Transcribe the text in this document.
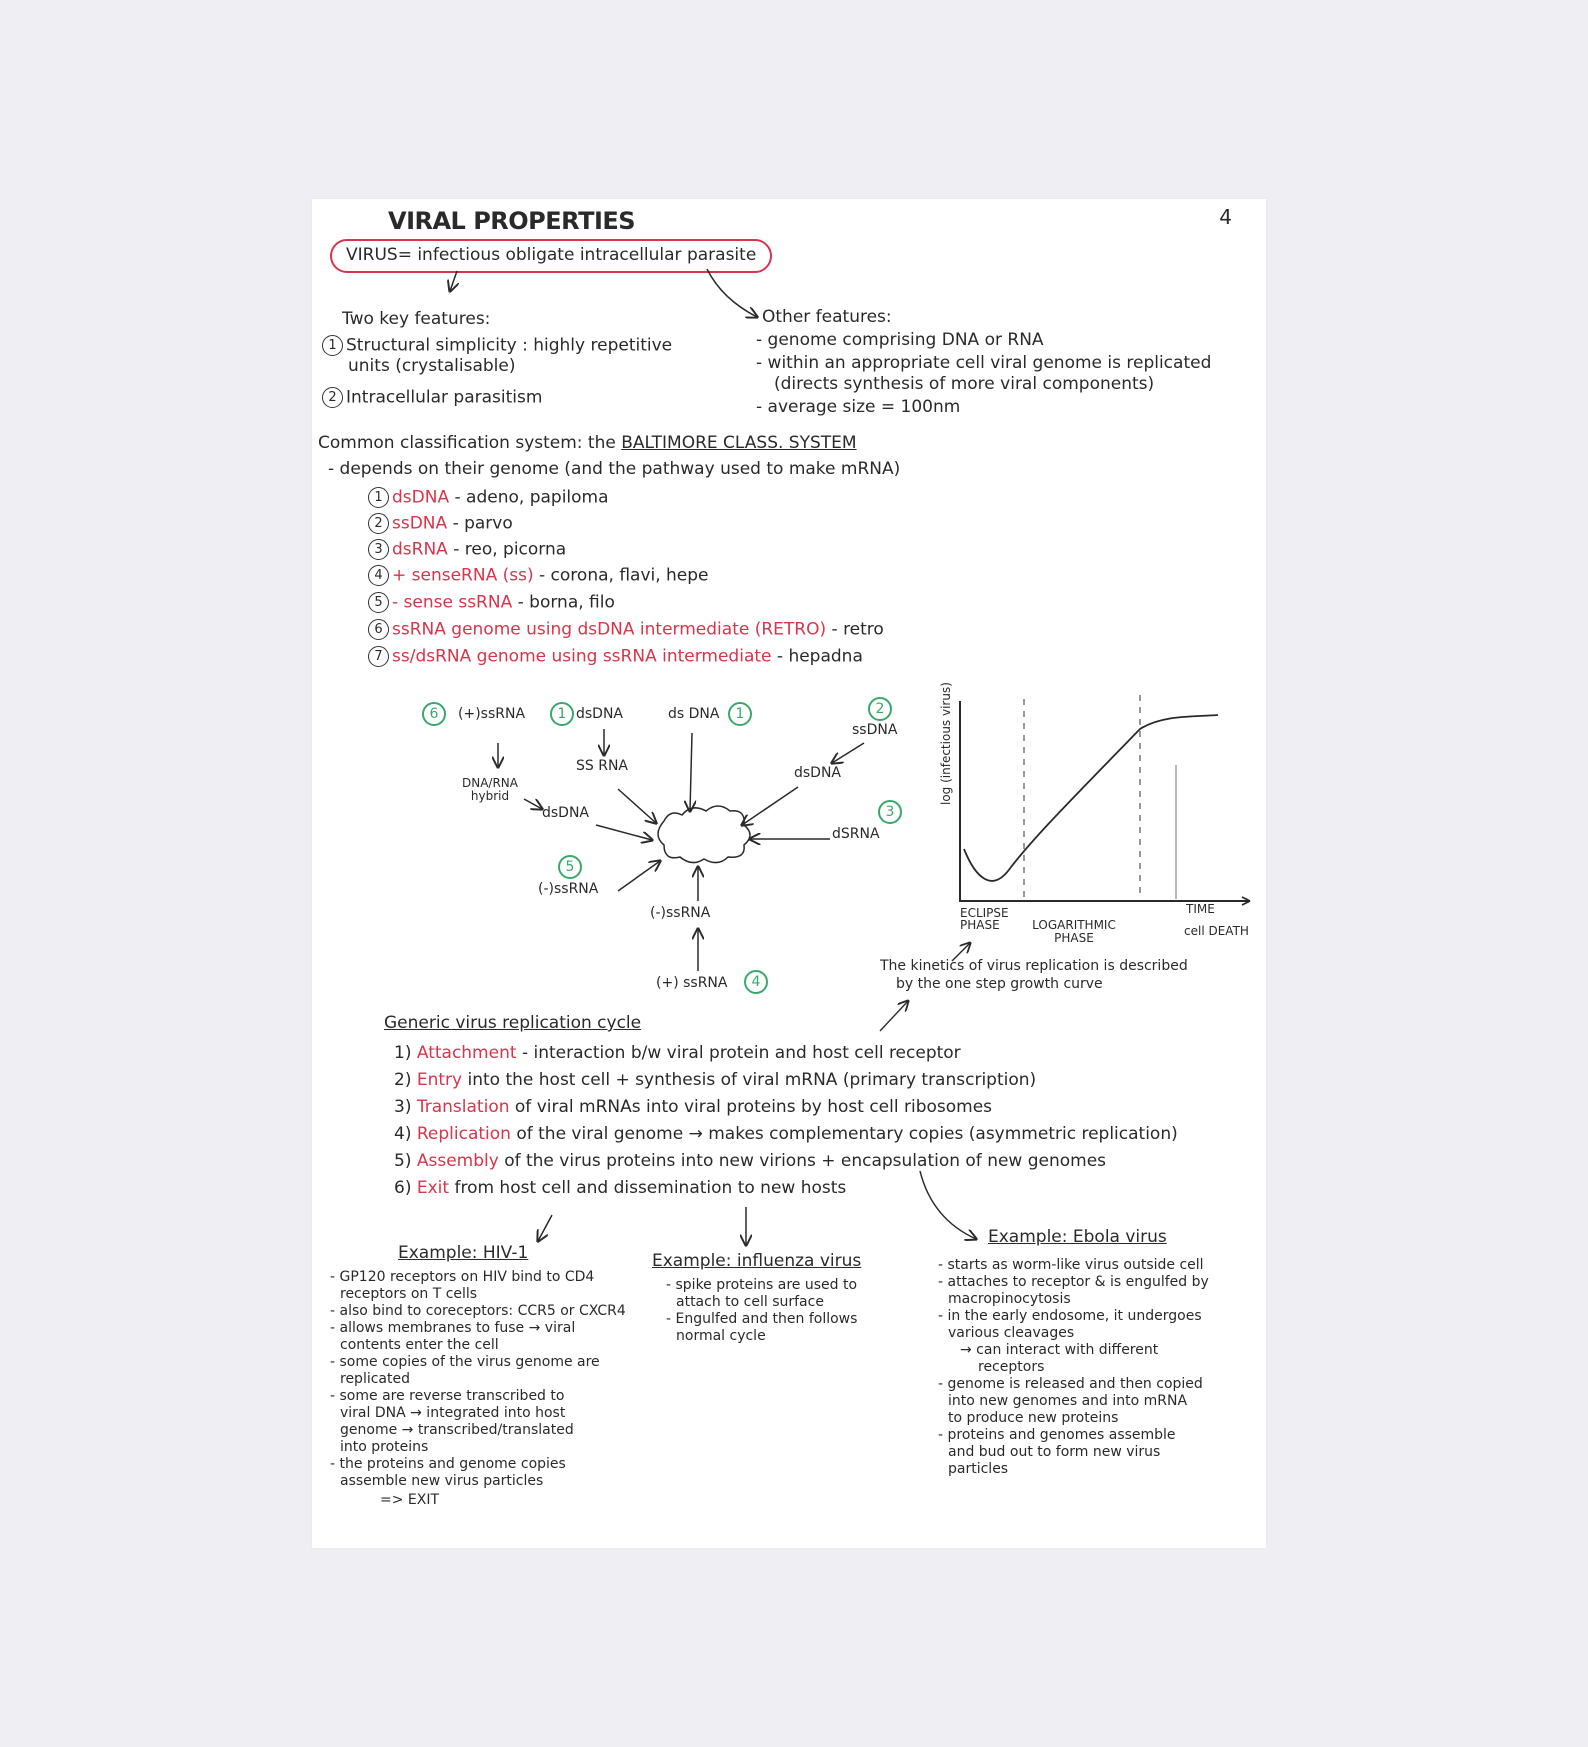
4
VIRAL PROPERTIES
VIRUS= infectious obligate intracellular parasite
Two key features:
1 Structural simplicity : highly repetitive
units (crystalisable)
2 Intracellular parasitism
Other features:
- genome comprising DNA or RNA
- within an appropriate cell viral genome is replicated
(directs synthesis of more viral components)
- average size = 100nm
Common classification system: the BALTIMORE CLASS. SYSTEM
- depends on their genome (and the pathway used to make mRNA)
1 dsDNA - adeno, papiloma
2 ssDNA - parvo
3 dsRNA - reo, picorna
4 + senseRNA (ss) - corona, flavi, hepe
5 - sense ssRNA - borna, filo
6 ssRNA genome using dsDNA intermediate (RETRO) - retro
7 ss/dsRNA genome using ssRNA intermediate - hepadna
6	(+)ssRNA	1 dsDNA	ds DNA	1	2
ssDNA
dsDNA
SS RNA
DNA/RNA hybrid
dsDNA	3
dSRNA
5
(-)ssRNA
(-)ssRNA
(+) ssRNA	4
log (infectious virus)
TIME
ECLIPSE PHASE	LOGARITHMIC PHASE	cell DEATH
The kinetics of virus replication is described
by the one step growth curve
Generic virus replication cycle
1) Attachment - interaction b/w viral protein and host cell receptor
2) Entry into the host cell + synthesis of viral mRNA (primary transcription)
3) Translation of viral mRNAs into viral proteins by host cell ribosomes
4) Replication of the viral genome → makes complementary copies (asymmetric replication)
5) Assembly of the virus proteins into new virions + encapsulation of new genomes
6) Exit from host cell and dissemination to new hosts
Example: HIV-1
- GP120 receptors on HIV bind to CD4
receptors on T cells
- also bind to coreceptors: CCR5 or CXCR4
- allows membranes to fuse → viral
contents enter the cell
- some copies of the virus genome are
replicated
- some are reverse transcribed to
viral DNA → integrated into host
genome → transcribed/translated
into proteins
- the proteins and genome copies
assemble new virus particles
=> EXIT
Example: influenza virus
- spike proteins are used to
attach to cell surface
- Engulfed and then follows
normal cycle
Example: Ebola virus
- starts as worm-like virus outside cell
- attaches to receptor & is engulfed by
macropinocytosis
- in the early endosome, it undergoes
various cleavages
→ can interact with different
receptors
- genome is released and then copied
into new genomes and into mRNA
to produce new proteins
- proteins and genomes assemble
and bud out to form new virus
particles
